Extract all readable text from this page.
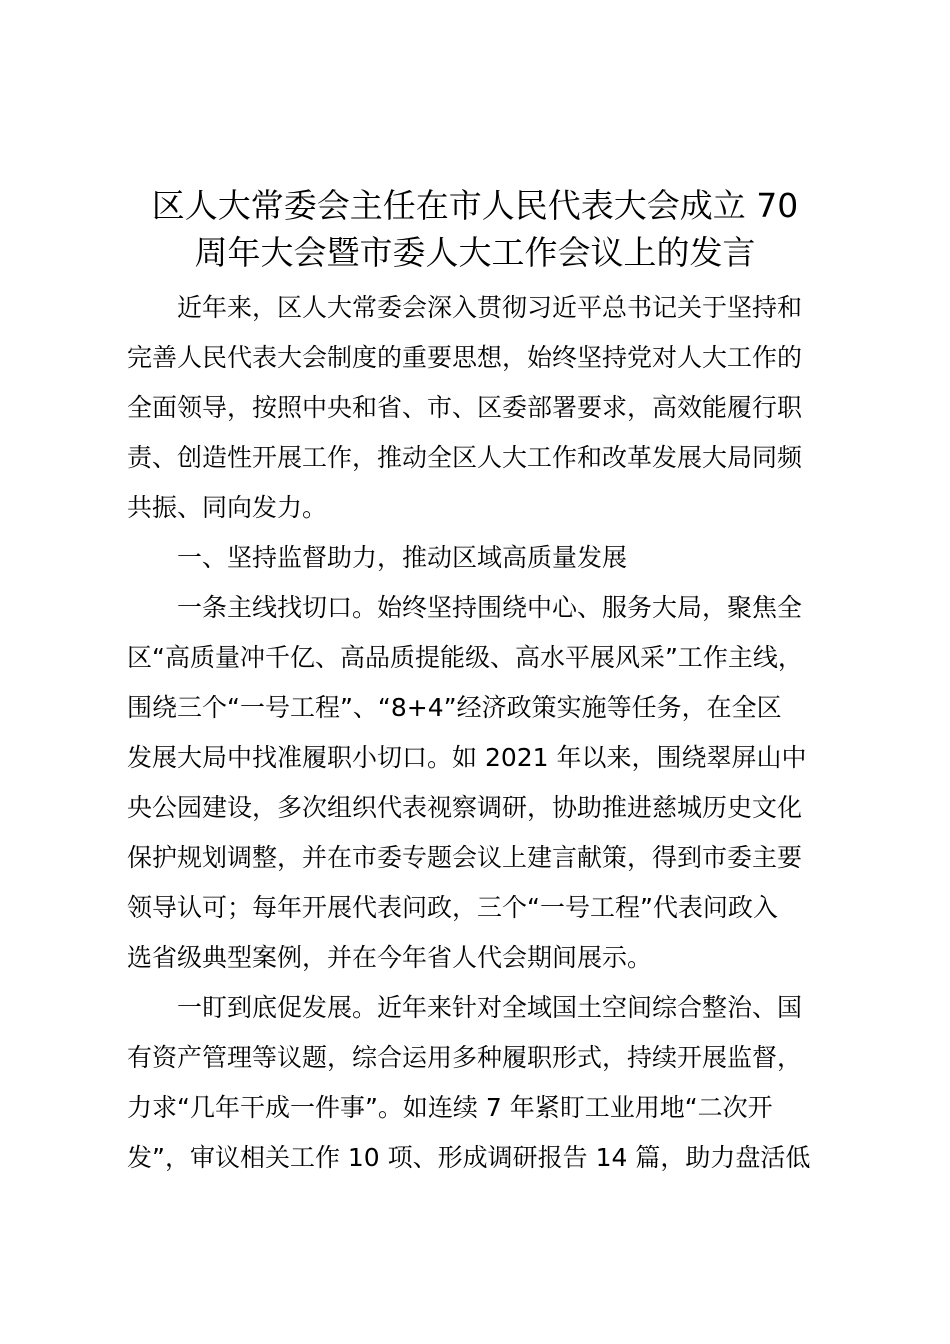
区人大常委会主任在市人民代表大会成立 70
周年大会暨市委人大工作会议上的发言
近年来，区人大常委会深入贯彻习近平总书记关于坚持和
完善人民代表大会制度的重要思想，始终坚持党对人大工作的
全面领导，按照中央和省、市、区委部署要求，高效能履行职
责、创造性开展工作，推动全区人大工作和改革发展大局同频
共振、同向发力。
一、坚持监督助力，推动区域高质量发展
一条主线找切口。始终坚持围绕中心、服务大局，聚焦全
区“高质量冲千亿、高品质提能级、高水平展风采”工作主线，
围绕三个“一号工程”、“8+4”经济政策实施等任务，在全区
发展大局中找准履职小切口。如 2021 年以来，围绕翠屏山中
央公园建设，多次组织代表视察调研，协助推进慈城历史文化
保护规划调整，并在市委专题会议上建言献策，得到市委主要
领导认可；每年开展代表问政，三个“一号工程”代表问政入
选省级典型案例，并在今年省人代会期间展示。
一盯到底促发展。近年来针对全域国土空间综合整治、国
有资产管理等议题，综合运用多种履职形式，持续开展监督，
力求“几年干成一件事”。如连续 7 年紧盯工业用地“二次开
发”，审议相关工作 10 项、形成调研报告 14 篇，助力盘活低
